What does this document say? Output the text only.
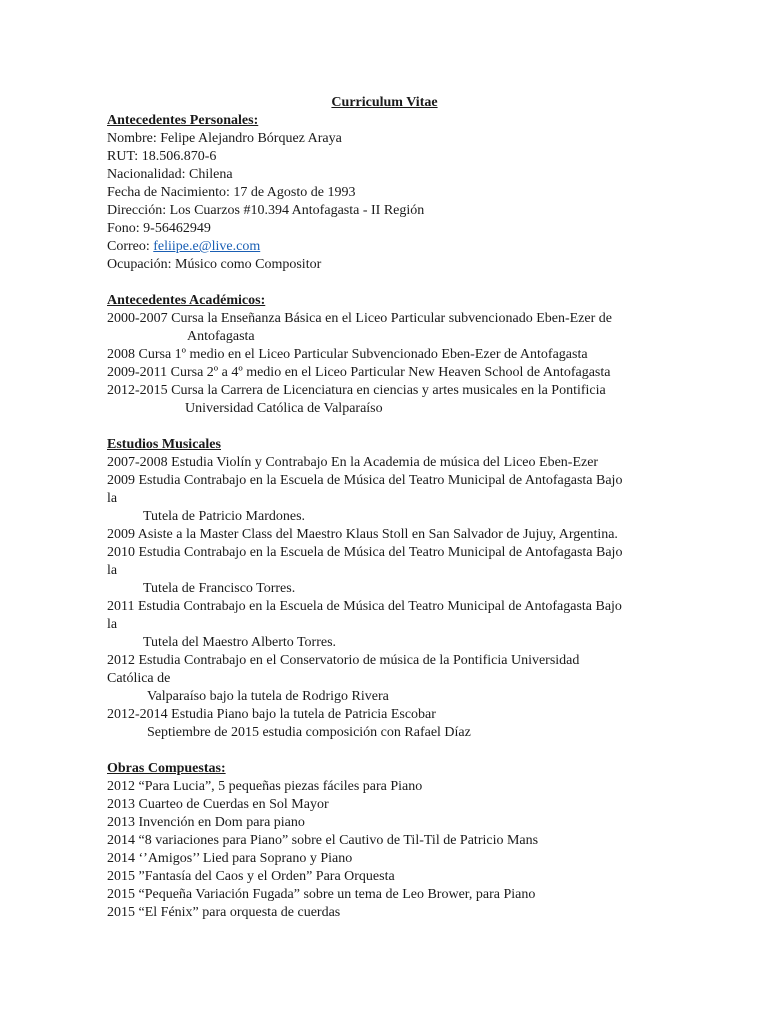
Curriculum Vitae
Antecedentes Personales:
Nombre: Felipe Alejandro Bórquez Araya
RUT: 18.506.870-6
Nacionalidad: Chilena
Fecha de Nacimiento: 17 de Agosto de 1993
Dirección: Los Cuarzos #10.394 Antofagasta - II Región
Fono: 9-56462949
Correo: feliipe.e@live.com
Ocupación: Músico como Compositor
Antecedentes Académicos:
2000-2007 Cursa la Enseñanza Básica en el Liceo Particular subvencionado Eben-Ezer de
Antofagasta
2008 Cursa 1º medio en el Liceo Particular Subvencionado Eben-Ezer de Antofagasta
2009-2011 Cursa 2º a 4º medio en el Liceo Particular New Heaven School de Antofagasta
2012-2015 Cursa la Carrera de Licenciatura en ciencias y artes musicales en la Pontificia
Universidad Católica de Valparaíso
Estudios Musicales
2007-2008 Estudia Violín y Contrabajo En la Academia de música del Liceo Eben-Ezer
2009 Estudia Contrabajo en la Escuela de Música del Teatro Municipal de Antofagasta Bajo
la
Tutela de Patricio Mardones.
2009 Asiste a la Master Class del Maestro Klaus Stoll en San Salvador de Jujuy, Argentina.
2010 Estudia Contrabajo en la Escuela de Música del Teatro Municipal de Antofagasta Bajo
la
Tutela de Francisco Torres.
2011 Estudia Contrabajo en la Escuela de Música del Teatro Municipal de Antofagasta Bajo
la
Tutela del Maestro Alberto Torres.
2012 Estudia Contrabajo en el Conservatorio de música de la Pontificia Universidad
Católica de
Valparaíso bajo la tutela de Rodrigo Rivera
2012-2014 Estudia Piano bajo la tutela de Patricia Escobar
Septiembre de 2015 estudia composición con Rafael Díaz
Obras Compuestas:
2012 “Para Lucia”, 5 pequeñas piezas fáciles para Piano
2013 Cuarteo de Cuerdas en Sol Mayor
2013 Invención en Dom para piano
2014 “8 variaciones para Piano” sobre el Cautivo de Til-Til de Patricio Mans
2014 ‘’Amigos’’ Lied para Soprano y Piano
2015 ”Fantasía del Caos y el Orden” Para Orquesta
2015 “Pequeña Variación Fugada” sobre un tema de Leo Brower, para Piano
2015 “El Fénix” para orquesta de cuerdas
